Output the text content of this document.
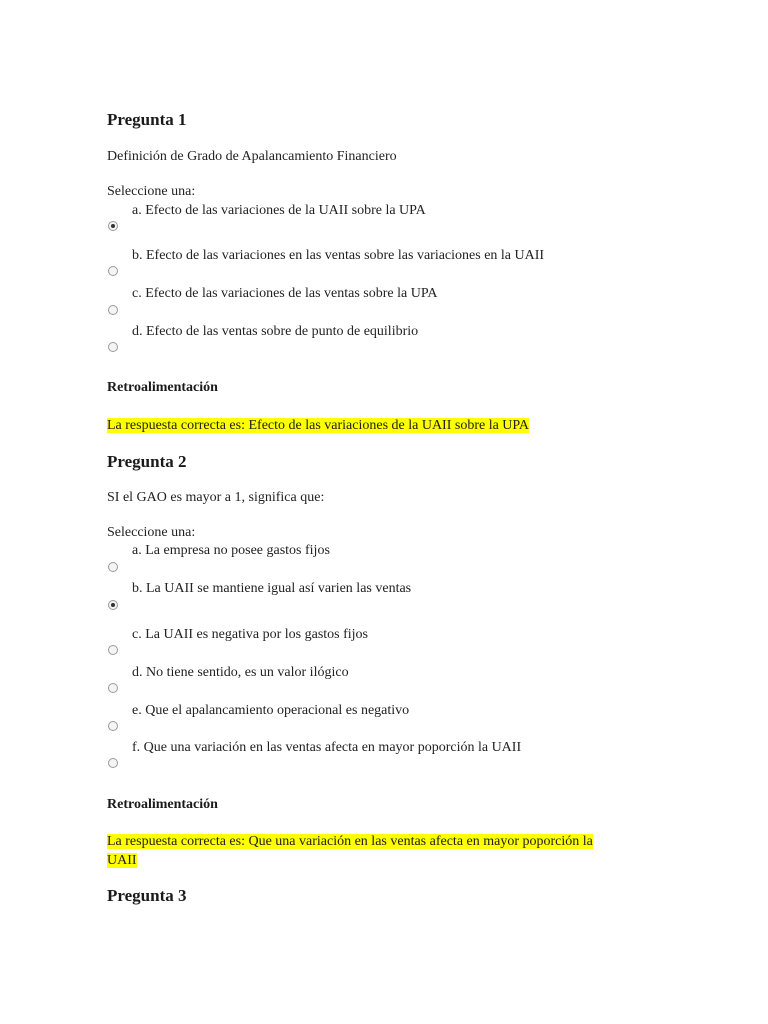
Pregunta 1
Definición de Grado de Apalancamiento Financiero
Seleccione una:
a. Efecto de las variaciones de la UAII sobre la UPA
b. Efecto de las variaciones en las ventas sobre las variaciones en la UAII
c. Efecto de las variaciones de las ventas sobre la UPA
d. Efecto de las ventas sobre de punto de equilibrio
Retroalimentación
La respuesta correcta es: Efecto de las variaciones de la UAII sobre la UPA
Pregunta 2
SI el GAO es mayor a 1, significa que:
Seleccione una:
a. La empresa no posee gastos fijos
b. La UAII se mantiene igual así varien las ventas
c. La UAII es negativa por los gastos fijos
d. No tiene sentido, es un valor ilógico
e. Que el apalancamiento operacional es negativo
f. Que una variación en las ventas afecta en mayor poporción la UAII
Retroalimentación
La respuesta correcta es: Que una variación en las ventas afecta en mayor poporción la
UAII
Pregunta 3
